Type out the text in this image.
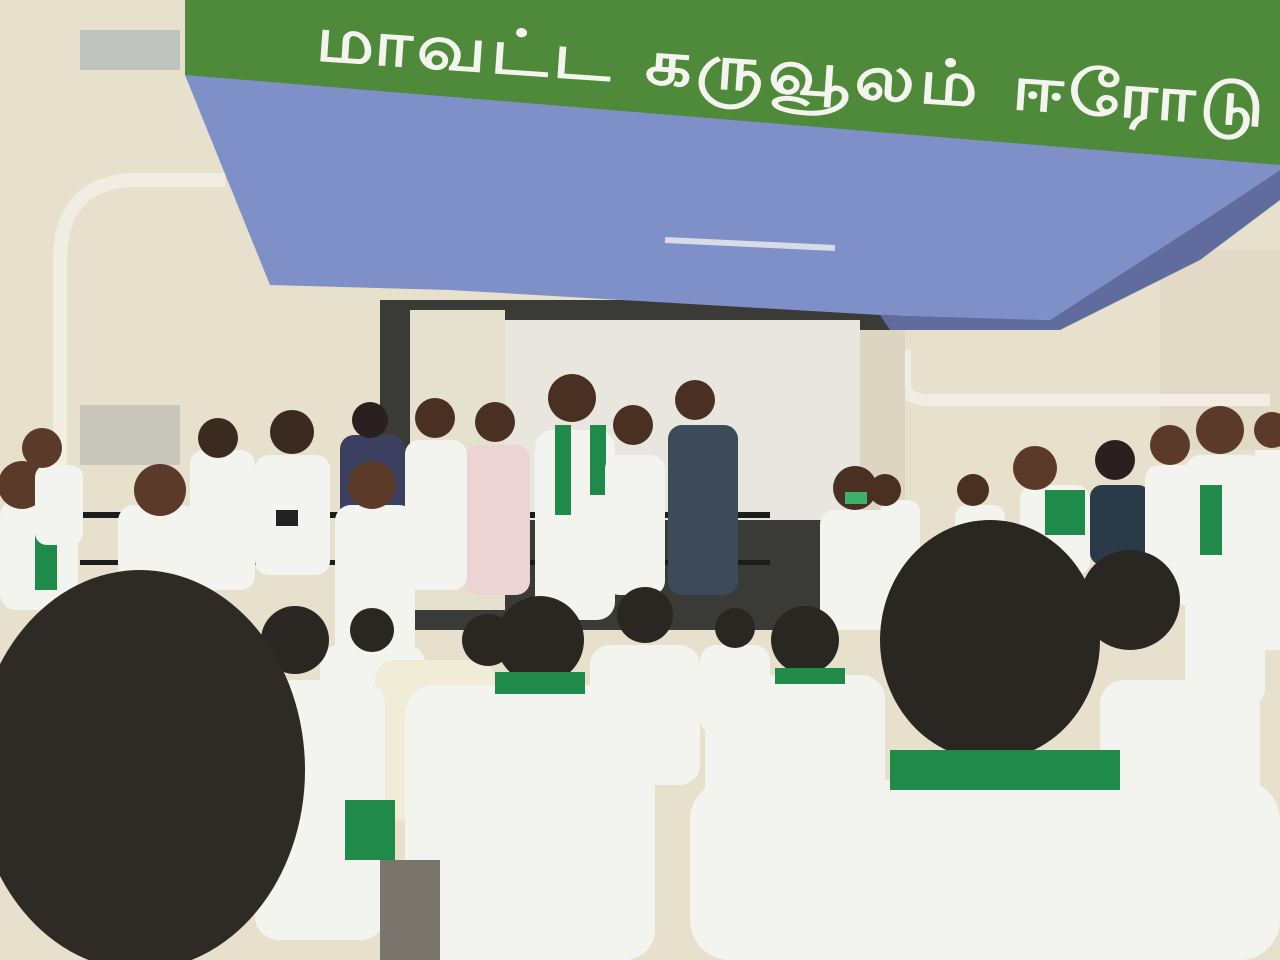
மாவட்ட கருவூலம் ஈரோடு
